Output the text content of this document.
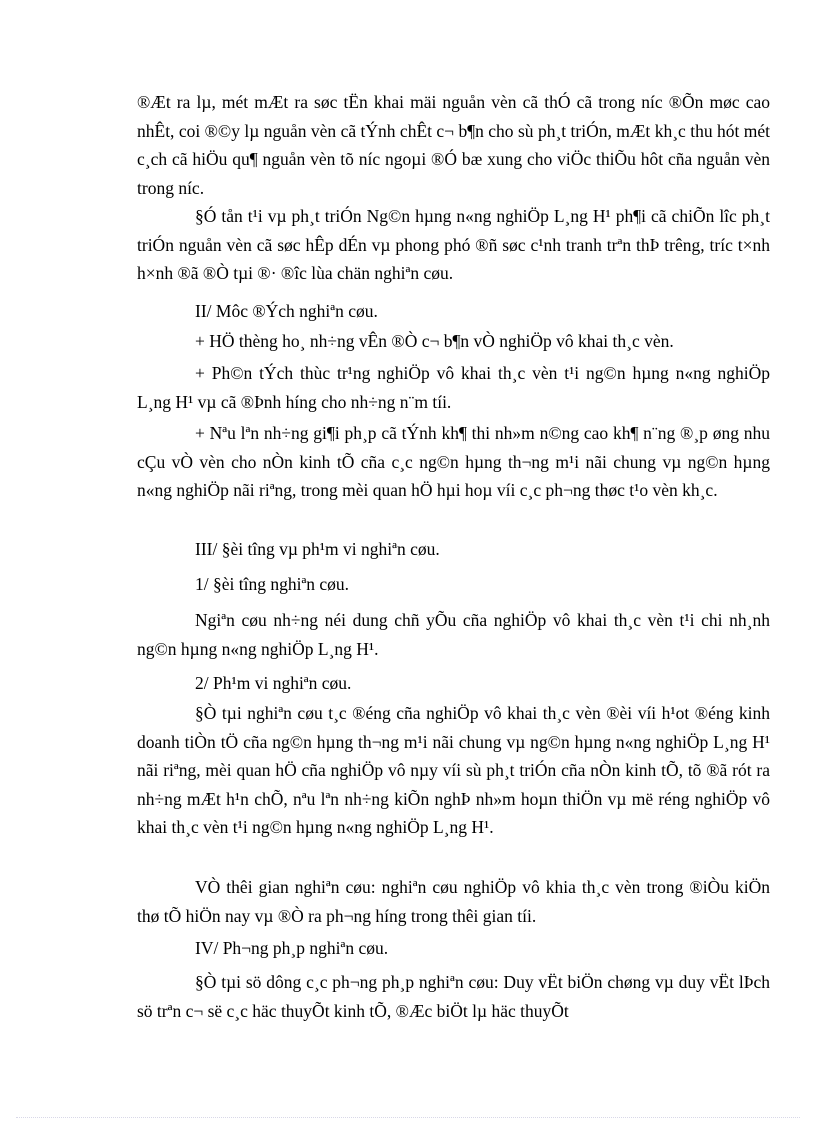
®Æt ra lµ, mét mÆt ra søc tËn khai mäi nguån vèn cã thÓ cã trong níc ®Õn møc cao nhÊt, coi ®©y lµ nguån vèn cã tÝnh chÊt c¬ b¶n cho sù ph¸t triÓn, mÆt kh¸c thu hót mét c¸ch cã hiÖu qu¶ nguån vèn tõ níc ngoµi ®Ó bæ xung cho viÖc thiÕu hôt cña nguån vèn trong níc.

§Ó tån t¹i vµ ph¸t triÓn Ng©n hµng n«ng nghiÖp L¸ng H¹ ph¶i cã chiÕn lîc ph¸t triÓn nguån vèn cã søc hÊp dÉn vµ phong phó ®ñ søc c¹nh tranh trªn thÞ trêng, tríc t×nh h×nh ®ã ®Ò tµi ®· ®îc lùa chän nghiªn cøu.

II/ Môc ®Ých nghiªn cøu.

+ HÖ thèng ho¸ nh÷ng vÊn ®Ò c¬ b¶n vÒ nghiÖp vô khai th¸c vèn.

+ Ph©n tÝch thùc tr¹ng nghiÖp vô khai th¸c vèn t¹i ng©n hµng n«ng nghiÖp L¸ng H¹ vµ cã ®Þnh híng cho nh÷ng n¨m tíi.

+ Nªu lªn nh÷ng gi¶i ph¸p cã tÝnh kh¶ thi nh»m n©ng cao kh¶ n¨ng ®¸p øng nhu cÇu vÒ vèn cho nÒn kinh tÕ cña c¸c ng©n hµng th¬ng m¹i nãi chung vµ ng©n hµng n«ng nghiÖp nãi riªng, trong mèi quan hÖ hµi hoµ víi c¸c ph¬ng thøc t¹o vèn kh¸c.

III/ §èi tîng vµ ph¹m vi nghiªn cøu.

1/ §èi tîng nghiªn cøu.

Ngiªn cøu nh÷ng néi dung chñ yÕu cña nghiÖp vô khai th¸c vèn t¹i chi nh¸nh ng©n hµng n«ng nghiÖp L¸ng H¹.

2/ Ph¹m vi nghiªn cøu.

§Ò tµi nghiªn cøu t¸c ®éng cña nghiÖp vô khai th¸c vèn ®èi víi h¹ot ®éng kinh doanh tiÒn tÖ cña ng©n hµng th¬ng m¹i nãi chung vµ ng©n hµng n«ng nghiÖp L¸ng H¹ nãi riªng, mèi quan hÖ cña nghiÖp vô nµy víi sù ph¸t triÓn cña nÒn kinh tÕ, tõ ®ã rót ra nh÷ng mÆt h¹n chÕ, nªu lªn nh÷ng kiÕn nghÞ nh»m hoµn thiÖn vµ më réng nghiÖp vô khai th¸c vèn t¹i ng©n hµng n«ng nghiÖp L¸ng H¹.

VÒ thêi gian nghiªn cøu: nghiªn cøu nghiÖp vô khia th¸c vèn trong ®iÒu kiÖn thø tÕ hiÖn nay vµ ®Ò ra ph¬ng híng trong thêi gian tíi.

IV/ Ph¬ng ph¸p nghiªn cøu.

§Ò tµi sö dông c¸c ph¬ng ph¸p nghiªn cøu: Duy vËt biÖn chøng vµ duy vËt lÞch sö trªn c¬ së c¸c häc thuyÕt kinh tÕ, ®Æc biÖt lµ häc thuyÕt
